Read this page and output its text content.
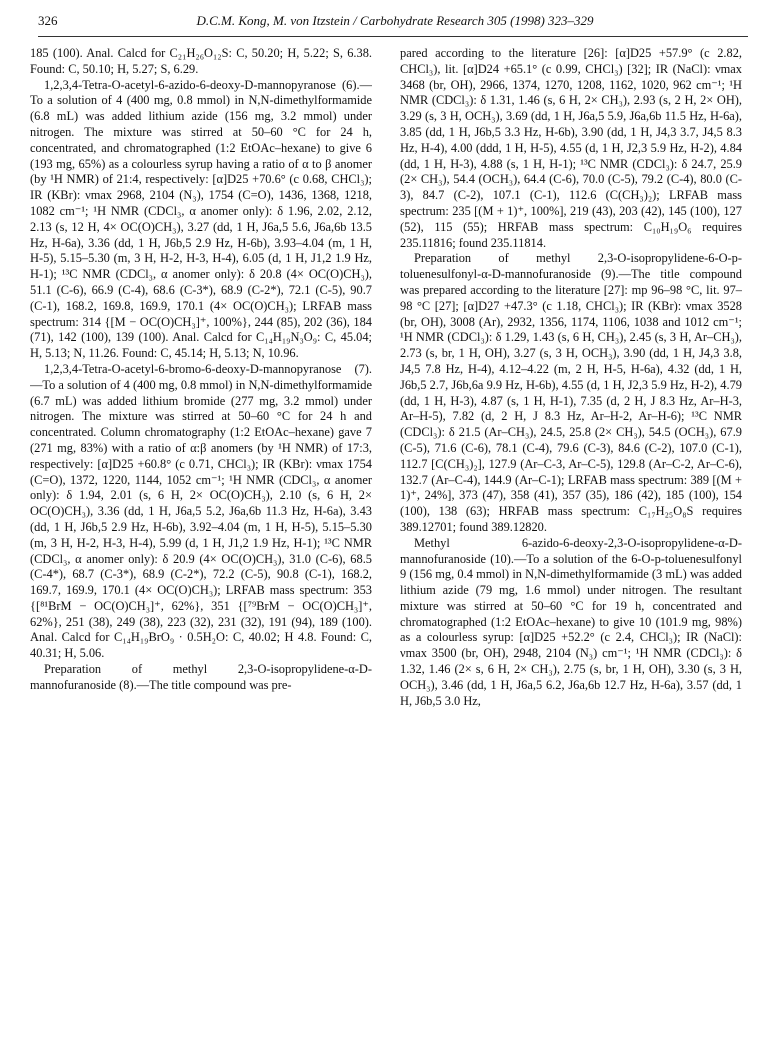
326	D.C.M. Kong, M. von Itzstein / Carbohydrate Research 305 (1998) 323–329

185 (100). Anal. Calcd for C₂₁H₂₆O₁₂S: C, 50.20; H, 5.22; S, 6.38. Found: C, 50.10; H, 5.27; S, 6.29.

1,2,3,4-Tetra-O-acetyl-6-azido-6-deoxy-D-mannopyranose (6).—To a solution of 4 (400 mg, 0.8 mmol) in N,N-dimethylformamide (6.8 mL) was added lithium azide (156 mg, 3.2 mmol) under nitrogen. The mixture was stirred at 50–60 °C for 24 h, concentrated, and chromatographed (1:2 EtOAc–hexane) to give 6 (193 mg, 65%) as a colourless syrup having a ratio of α to β anomer (by ¹H NMR) of 21:4, respectively: [α]D25 +70.6° (c 0.68, CHCl₃); IR (KBr): νmax 2968, 2104 (N₃), 1754 (C=O), 1436, 1368, 1218, 1082 cm⁻¹; ¹H NMR (CDCl₃, α anomer only): δ 1.96, 2.02, 2.12, 2.13 (s, 12 H, 4× OC(O)CH₃), 3.27 (dd, 1 H, J6a,5 5.6, J6a,6b 13.5 Hz, H-6a), 3.36 (dd, 1 H, J6b,5 2.9 Hz, H-6b), 3.93–4.04 (m, 1 H, H-5), 5.15–5.30 (m, 3 H, H-2, H-3, H-4), 6.05 (d, 1 H, J1,2 1.9 Hz, H-1); ¹³C NMR (CDCl₃, α anomer only): δ 20.8 (4× OC(O)CH₃), 51.1 (C-6), 66.9 (C-4), 68.6 (C-3*), 68.9 (C-2*), 72.1 (C-5), 90.7 (C-1), 168.2, 169.8, 169.9, 170.1 (4× OC(O)CH₃); LRFAB mass spectrum: 314 {[M − OC(O)CH₃]⁺, 100%}, 244 (85), 202 (36), 184 (71), 142 (100), 139 (100). Anal. Calcd for C₁₄H₁₉N₃O₉: C, 45.04; H, 5.13; N, 11.26. Found: C, 45.14; H, 5.13; N, 10.96.

1,2,3,4-Tetra-O-acetyl-6-bromo-6-deoxy-D-mannopyranose (7).—To a solution of 4 (400 mg, 0.8 mmol) in N,N-dimethylformamide (6.7 mL) was added lithium bromide (277 mg, 3.2 mmol) under nitrogen. The mixture was stirred at 50–60 °C for 24 h and concentrated. Column chromatography (1:2 EtOAc–hexane) gave 7 (271 mg, 83%) with a ratio of α:β anomers (by ¹H NMR) of 17:3, respectively: [α]D25 +60.8° (c 0.71, CHCl₃); IR (KBr): νmax 1754 (C=O), 1372, 1220, 1144, 1052 cm⁻¹; ¹H NMR (CDCl₃, α anomer only): δ 1.94, 2.01 (s, 6 H, 2× OC(O)CH₃), 2.10 (s, 6 H, 2× OC(O)CH₃), 3.36 (dd, 1 H, J6a,5 5.2, J6a,6b 11.3 Hz, H-6a), 3.43 (dd, 1 H, J6b,5 2.9 Hz, H-6b), 3.92–4.04 (m, 1 H, H-5), 5.15–5.30 (m, 3 H, H-2, H-3, H-4), 5.99 (d, 1 H, J1,2 1.9 Hz, H-1); ¹³C NMR (CDCl₃, α anomer only): δ 20.9 (4× OC(O)CH₃), 31.0 (C-6), 68.5 (C-4*), 68.7 (C-3*), 68.9 (C-2*), 72.2 (C-5), 90.8 (C-1), 168.2, 169.7, 169.9, 170.1 (4× OC(O)CH₃); LRFAB mass spectrum: 353 {[⁸¹BrM − OC(O)CH₃]⁺, 62%}, 351 {[⁷⁹BrM − OC(O)CH₃]⁺, 62%}, 251 (38), 249 (38), 223 (32), 231 (32), 191 (94), 189 (100). Anal. Calcd for C₁₄H₁₉BrO₉ · 0.5H₂O: C, 40.02; H 4.8. Found: C, 40.31; H, 5.06.

Preparation of methyl 2,3-O-isopropylidene-α-D-mannofuranoside (8).—The title compound was pre-

pared according to the literature [26]: [α]D25 +57.9° (c 2.82, CHCl₃), lit. [α]D24 +65.1° (c 0.99, CHCl₃) [32]; IR (NaCl): νmax 3468 (br, OH), 2966, 1374, 1270, 1208, 1162, 1020, 962 cm⁻¹; ¹H NMR (CDCl₃): δ 1.31, 1.46 (s, 6 H, 2× CH₃), 2.93 (s, 2 H, 2× OH), 3.29 (s, 3 H, OCH₃), 3.69 (dd, 1 H, J6a,5 5.9, J6a,6b 11.5 Hz, H-6a), 3.85 (dd, 1 H, J6b,5 3.3 Hz, H-6b), 3.90 (dd, 1 H, J4,3 3.7, J4,5 8.3 Hz, H-4), 4.00 (ddd, 1 H, H-5), 4.55 (d, 1 H, J2,3 5.9 Hz, H-2), 4.84 (dd, 1 H, H-3), 4.88 (s, 1 H, H-1); ¹³C NMR (CDCl₃): δ 24.7, 25.9 (2× CH₃), 54.4 (OCH₃), 64.4 (C-6), 70.0 (C-5), 79.2 (C-4), 80.0 (C-3), 84.7 (C-2), 107.1 (C-1), 112.6 (C(CH₃)₂); LRFAB mass spectrum: 235 [(M + 1)⁺, 100%], 219 (43), 203 (42), 145 (100), 127 (52), 115 (55); HRFAB mass spectrum: C₁₀H₁₉O₆ requires 235.11816; found 235.11814.

Preparation of methyl 2,3-O-isopropylidene-6-O-p-toluenesulfonyl-α-D-mannofuranoside (9).—The title compound was prepared according to the literature [27]: mp 96–98 °C, lit. 97–98 °C [27]; [α]D27 +47.3° (c 1.18, CHCl₃); IR (KBr): νmax 3528 (br, OH), 3008 (Ar), 2932, 1356, 1174, 1106, 1038 and 1012 cm⁻¹; ¹H NMR (CDCl₃): δ 1.29, 1.43 (s, 6 H, CH₃), 2.45 (s, 3 H, Ar–CH₃), 2.73 (s, br, 1 H, OH), 3.27 (s, 3 H, OCH₃), 3.90 (dd, 1 H, J4,3 3.8, J4,5 7.8 Hz, H-4), 4.12–4.22 (m, 2 H, H-5, H-6a), 4.32 (dd, 1 H, J6b,5 2.7, J6b,6a 9.9 Hz, H-6b), 4.55 (d, 1 H, J2,3 5.9 Hz, H-2), 4.79 (dd, 1 H, H-3), 4.87 (s, 1 H, H-1), 7.35 (d, 2 H, J 8.3 Hz, Ar–H-3, Ar–H-5), 7.82 (d, 2 H, J 8.3 Hz, Ar–H-2, Ar–H-6); ¹³C NMR (CDCl₃): δ 21.5 (Ar–CH₃), 24.5, 25.8 (2× CH₃), 54.5 (OCH₃), 67.9 (C-5), 71.6 (C-6), 78.1 (C-4), 79.6 (C-3), 84.6 (C-2), 107.0 (C-1), 112.7 [C(CH₃)₂], 127.9 (Ar–C-3, Ar–C-5), 129.8 (Ar–C-2, Ar–C-6), 132.7 (Ar–C-4), 144.9 (Ar–C-1); LRFAB mass spectrum: 389 [(M + 1)⁺, 24%], 373 (47), 358 (41), 357 (35), 186 (42), 185 (100), 154 (100), 138 (63); HRFAB mass spectrum: C₁₇H₂₅O₈S requires 389.12701; found 389.12820.

Methyl 6-azido-6-deoxy-2,3-O-isopropylidene-α-D-mannofuranoside (10).—To a solution of the 6-O-p-toluenesulfonyl 9 (156 mg, 0.4 mmol) in N,N-dimethylformamide (3 mL) was added lithium azide (79 mg, 1.6 mmol) under nitrogen. The resultant mixture was stirred at 50–60 °C for 19 h, concentrated and chromatographed (1:2 EtOAc–hexane) to give 10 (101.9 mg, 98%) as a colourless syrup: [α]D25 +52.2° (c 2.4, CHCl₃); IR (NaCl): νmax 3500 (br, OH), 2948, 2104 (N₃) cm⁻¹; ¹H NMR (CDCl₃): δ 1.32, 1.46 (2× s, 6 H, 2× CH₃), 2.75 (s, br, 1 H, OH), 3.30 (s, 3 H, OCH₃), 3.46 (dd, 1 H, J6a,5 6.2, J6a,6b 12.7 Hz, H-6a), 3.57 (dd, 1 H, J6b,5 3.0 Hz,
